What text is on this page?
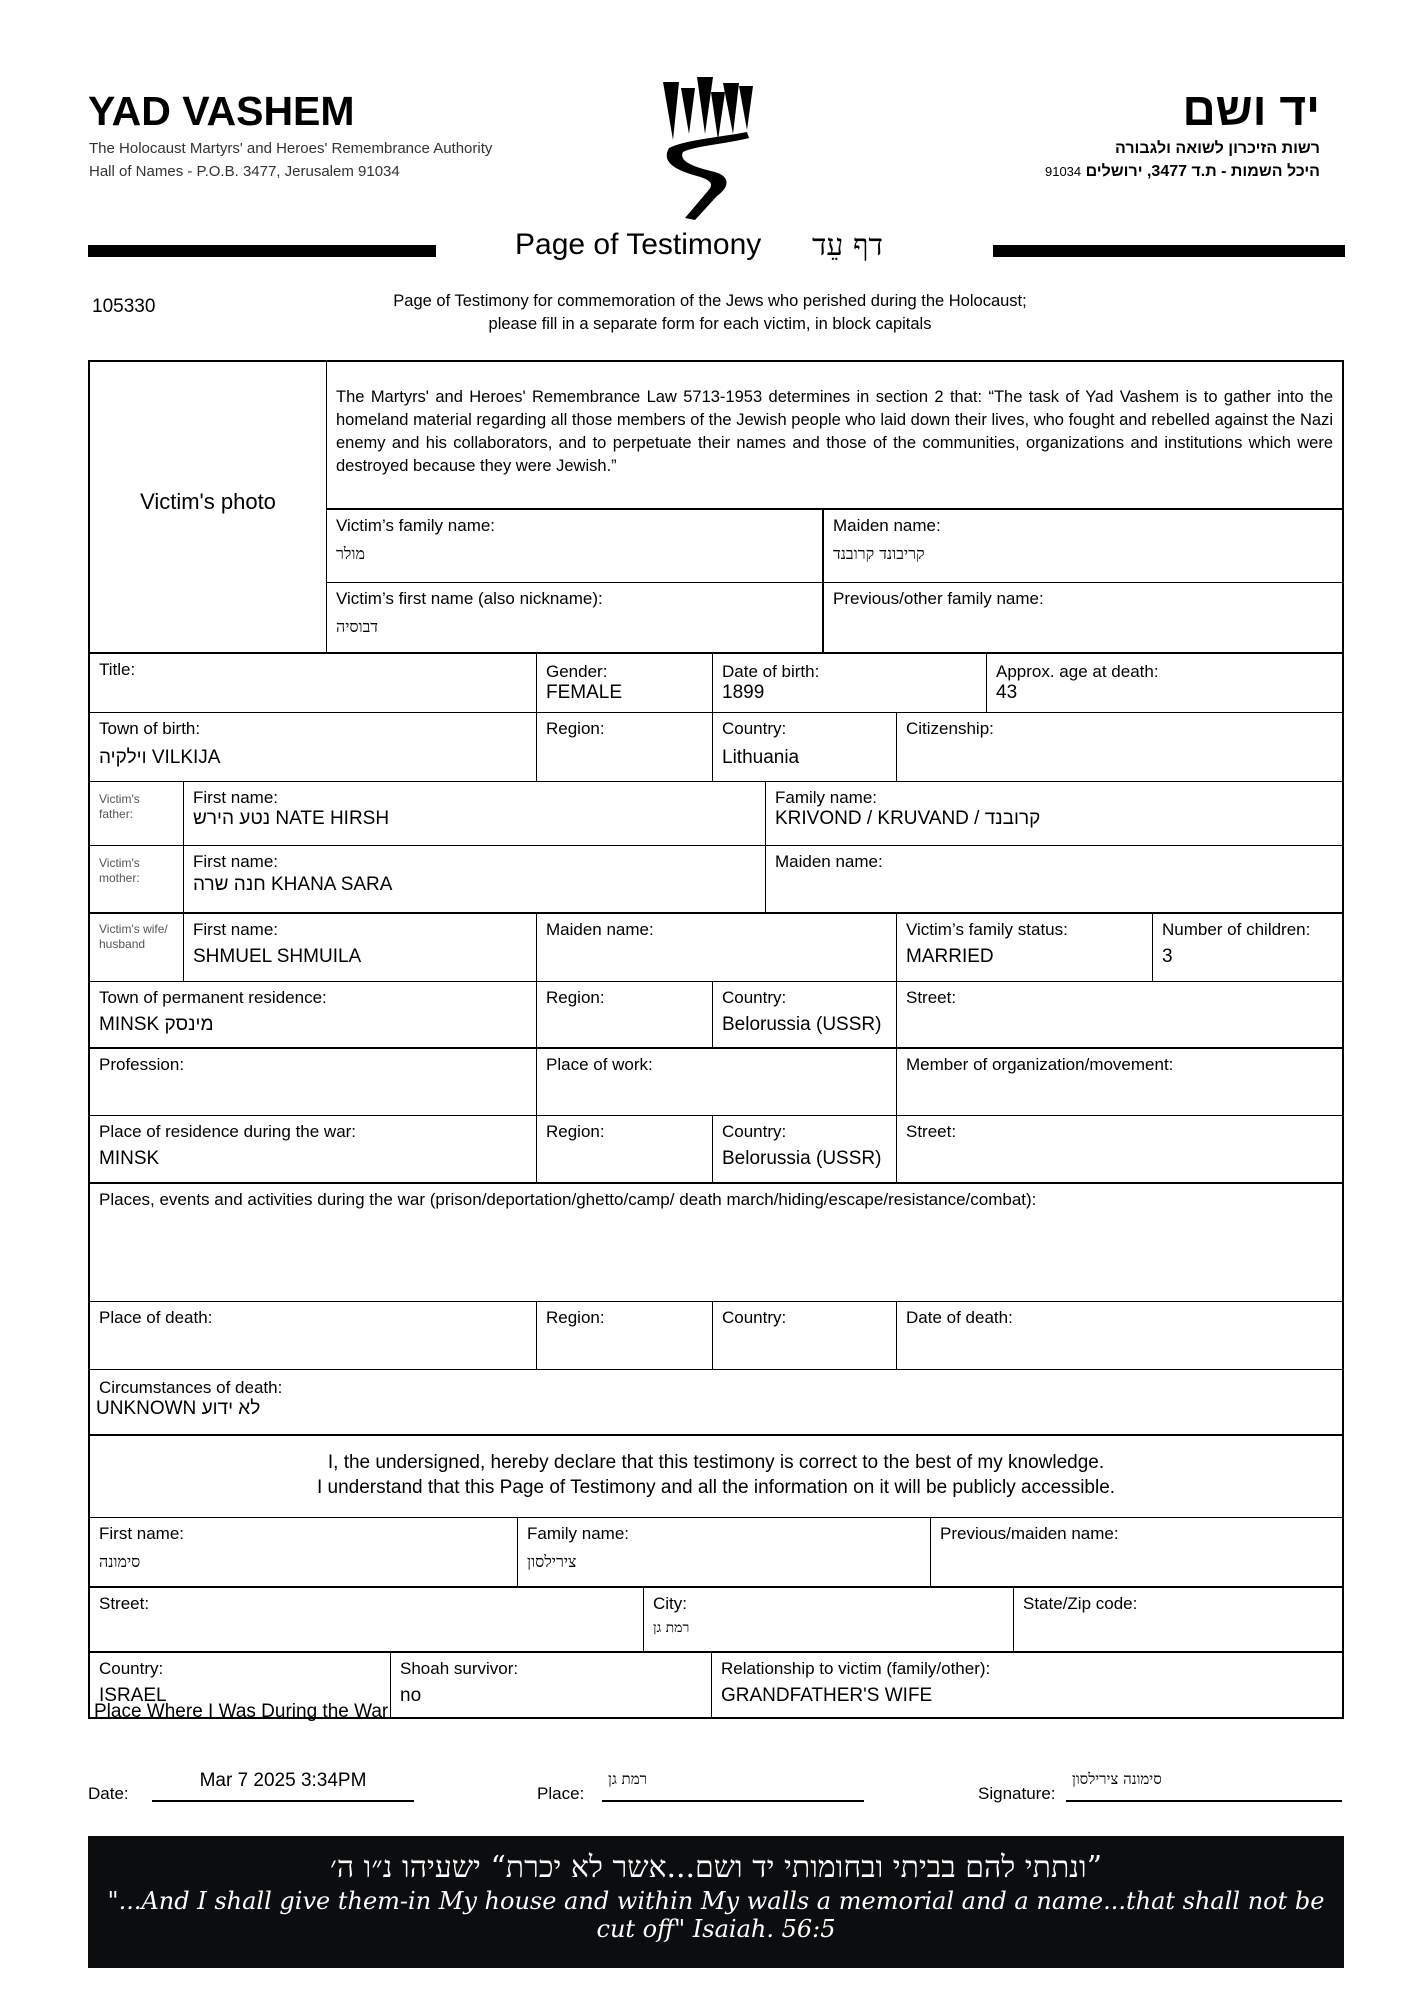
YAD VASHEM
The Holocaust Martyrs' and Heroes' Remembrance Authority
Hall of Names - P.O.B. 3477, Jerusalem 91034
יד ושם
רשות הזיכרון לשואה ולגבורה
היכל השמות - ת.ד 3477, ירושלים 91034
Page of Testimony דף עֵד
105330	Page of Testimony for commemoration of the Jews who perished during the Holocaust;
please fill in a separate form for each victim, in block capitals
Victim's photo
The Martyrs' and Heroes' Remembrance Law 5713-1953 determines in section 2 that: “The task of Yad Vashem is to gather into the homeland material regarding all those members of the Jewish people who laid down their lives, who fought and rebelled against the Nazi enemy and his collaborators, and to perpetuate their names and those of the communities, organizations and institutions which were destroyed because they were Jewish.”
Victim’s family name:
מולר
Maiden name:
קריבונד קרובנד
Victim’s first name (also nickname):
דבוסיה
Previous/other family name:
Title:	Gender:
FEMALE
Date of birth:
1899
Approx. age at death:
43
Town of birth:
וילקיה VILKIJA
Region:	Country:
Lithuania
Citizenship:
Victim's father:
First name:
נטע הירש NATE HIRSH
Family name:
KRIVOND / KRUVAND / קרובנד
Victim's mother:
First name:
חנה שרה KHANA SARA
Maiden name:
Victim's wife/ husband
First name:
SHMUEL SHMUILA
Maiden name:	Victim’s family status:
MARRIED
Number of children:
3
Town of permanent residence:
MINSK מינסק
Region:	Country:
Belorussia (USSR)
Street:
Profession:	Place of work:	Member of organization/movement:
Place of residence during the war:
MINSK
Region:	Country:
Belorussia (USSR)
Street:
Places, events and activities during the war (prison/deportation/ghetto/camp/ death march/hiding/escape/resistance/combat):
Place of death:	Region:	Country:	Date of death:
Circumstances of death:
UNKNOWN לא ידוע
I, the undersigned, hereby declare that this testimony is correct to the best of my knowledge.
I understand that this Page of Testimony and all the information on it will be publicly accessible.
First name:
סימונה
Family name:
צירילסון
Previous/maiden name:
Street:	City:
רמת גן
State/Zip code:
Country:
ISRAEL
Shoah survivor:
no
Relationship to victim (family/other):
GRANDFATHER'S WIFE
Place Where I Was During the War
Date:
Mar 7 2025 3:34PM
Place:
רמת גן
Signature:
סימונה צירילסון
”ונתתי להם בביתי ובחומותי יד ושם...אשר לא יכרת“ ישעיהו נ״ו ה׳
"...And I shall give them-in My house and within My walls a memorial and a name...that shall not be cut off" Isaiah. 56:5
